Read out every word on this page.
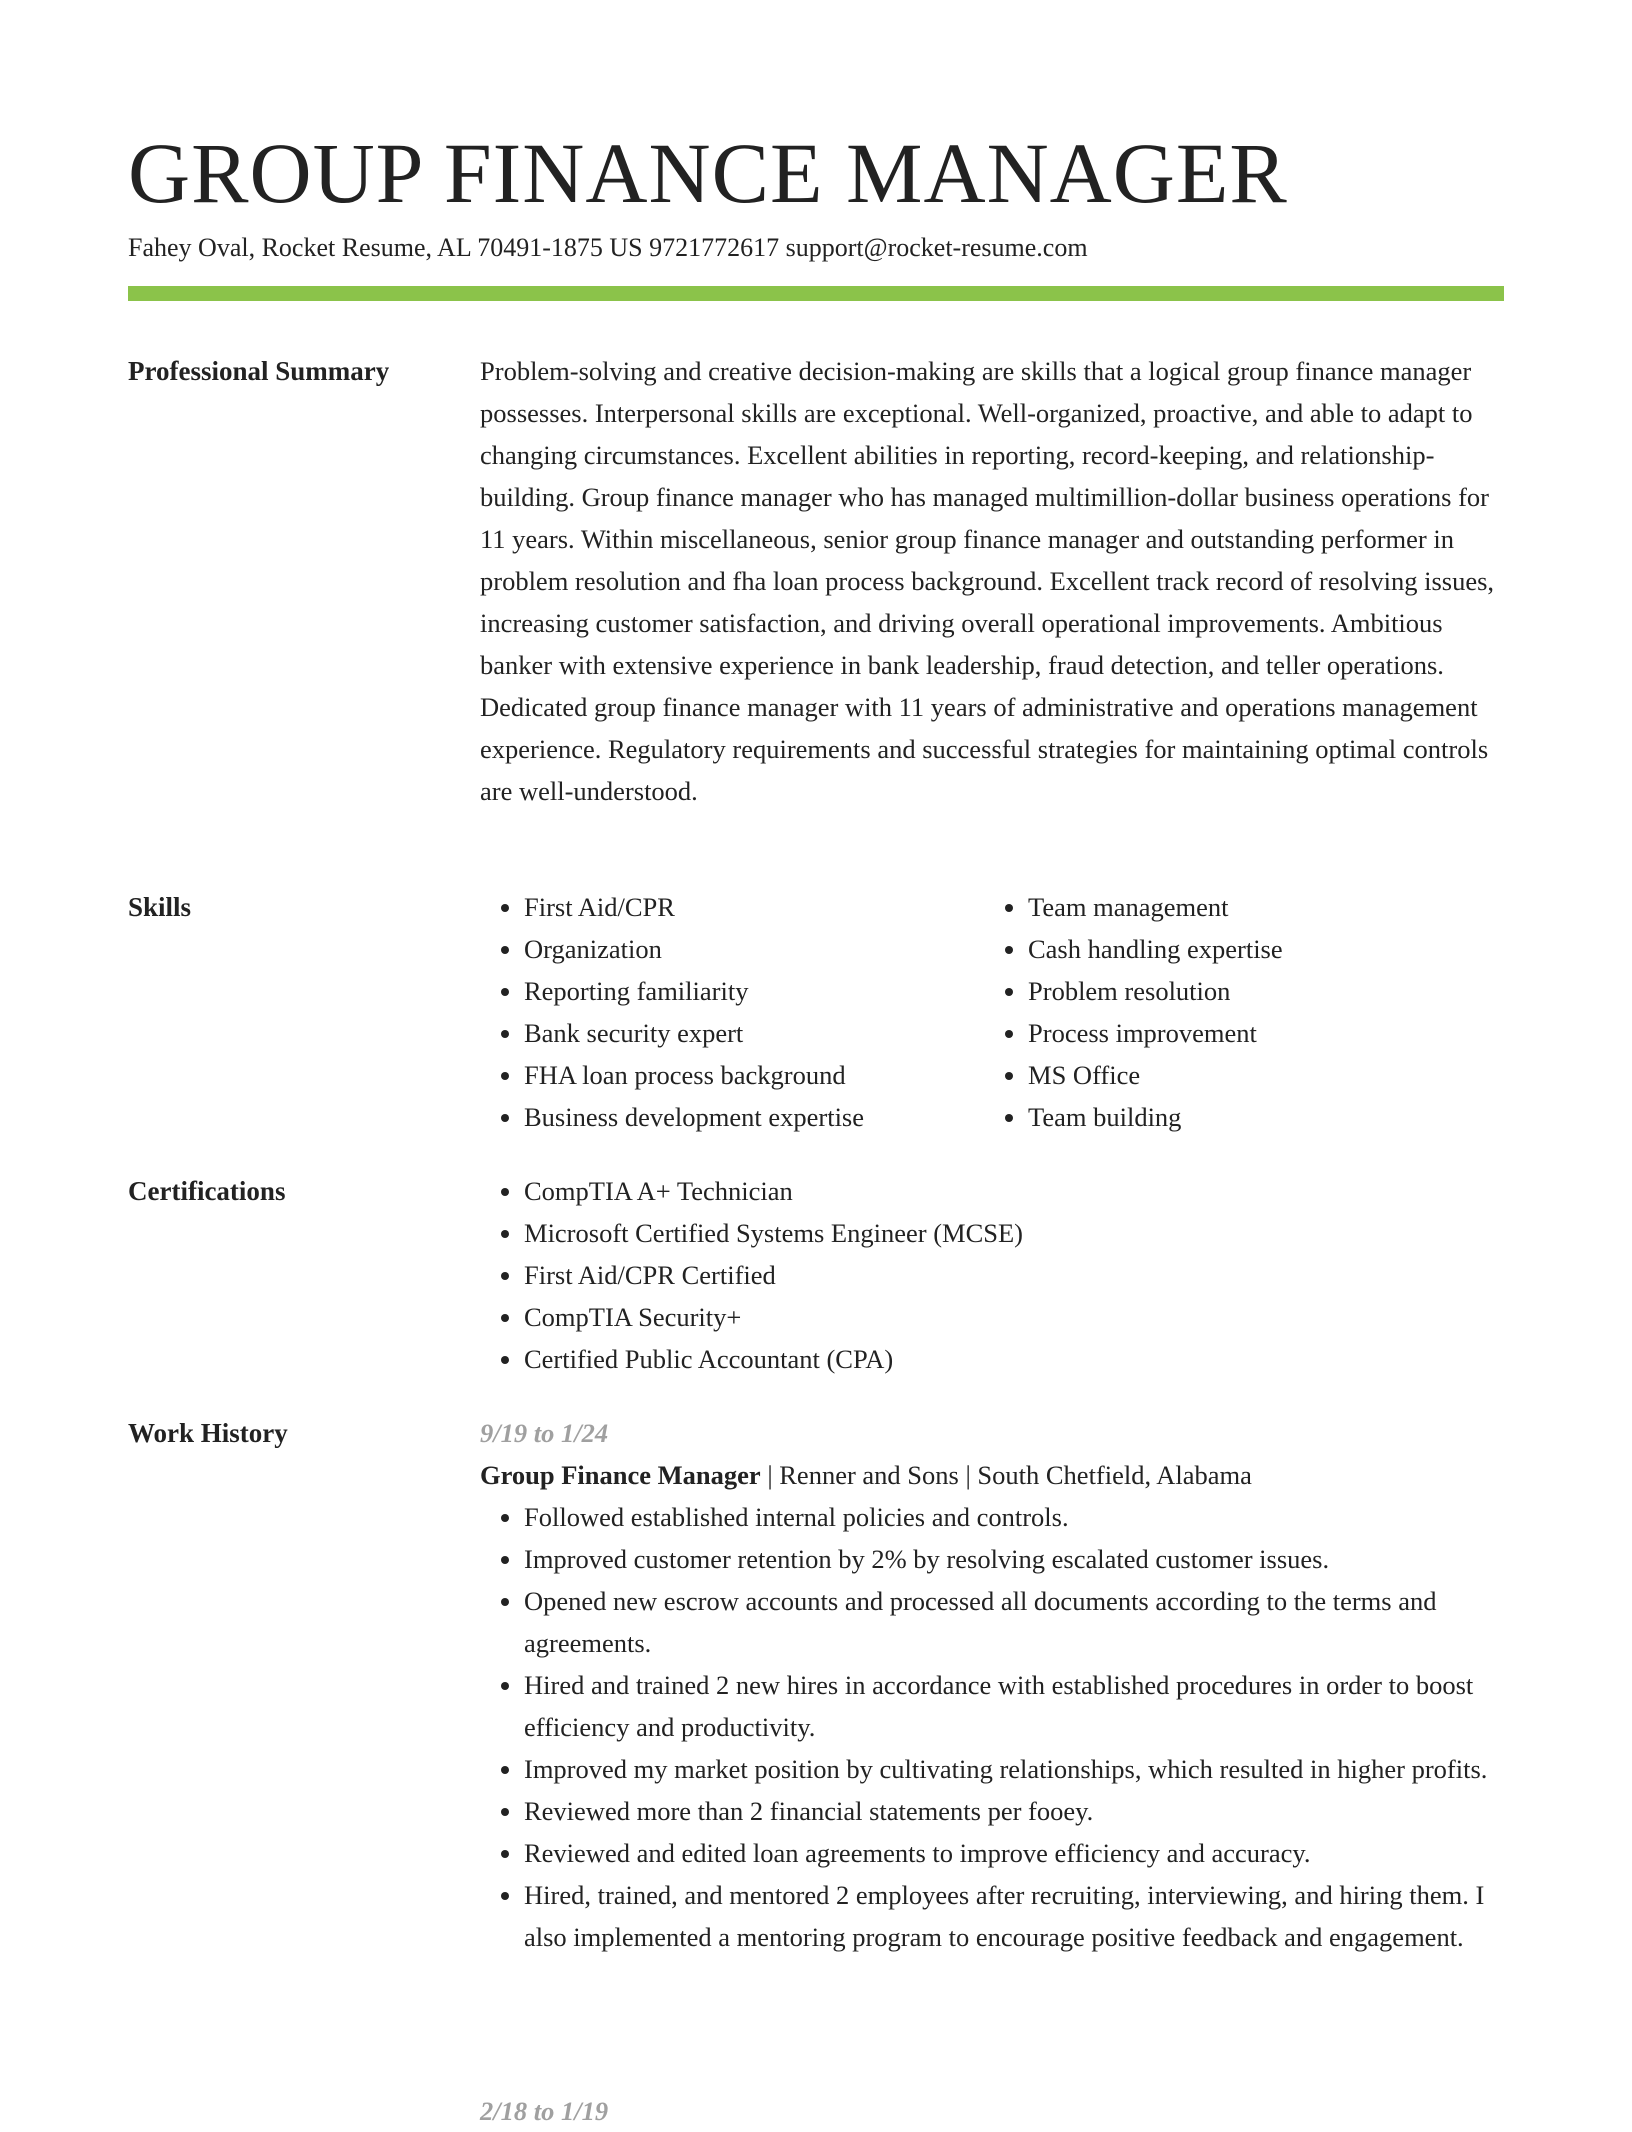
GROUP FINANCE MANAGER
Fahey Oval, Rocket Resume, AL 70491-1875 US 9721772617 support@rocket-resume.com
Professional Summary	Problem-solving and creative decision-making are skills that a logical group finance manager possesses. Interpersonal skills are exceptional. Well-organized, proactive, and able to adapt to changing circumstances. Excellent abilities in reporting, record-keeping, and relationship-building. Group finance manager who has managed multimillion-dollar business operations for 11 years. Within miscellaneous, senior group finance manager and outstanding performer in problem resolution and fha loan process background. Excellent track record of resolving issues, increasing customer satisfaction, and driving overall operational improvements. Ambitious banker with extensive experience in bank leadership, fraud detection, and teller operations. Dedicated group finance manager with 11 years of administrative and operations management experience. Regulatory requirements and successful strategies for maintaining optimal controls are well-understood.

Skills	• First Aid/CPR
• Organization
• Reporting familiarity
• Bank security expert
• FHA loan process background
• Business development expertise
• Team management
• Cash handling expertise
• Problem resolution
• Process improvement
• MS Office
• Team building
Certifications	• CompTIA A+ Technician
• Microsoft Certified Systems Engineer (MCSE)
• First Aid/CPR Certified
• CompTIA Security+
• Certified Public Accountant (CPA)
Work History	9/19 to 1/24
Group Finance Manager | Renner and Sons | South Chetfield, Alabama
• Followed established internal policies and controls.
• Improved customer retention by 2% by resolving escalated customer issues.
• Opened new escrow accounts and processed all documents according to the terms and agreements.
• Hired and trained 2 new hires in accordance with established procedures in order to boost efficiency and productivity.
• Improved my market position by cultivating relationships, which resulted in higher profits.
• Reviewed more than 2 financial statements per fooey.
• Reviewed and edited loan agreements to improve efficiency and accuracy.
• Hired, trained, and mentored 2 employees after recruiting, interviewing, and hiring them. I also implemented a mentoring program to encourage positive feedback and engagement.
2/18 to 1/19
